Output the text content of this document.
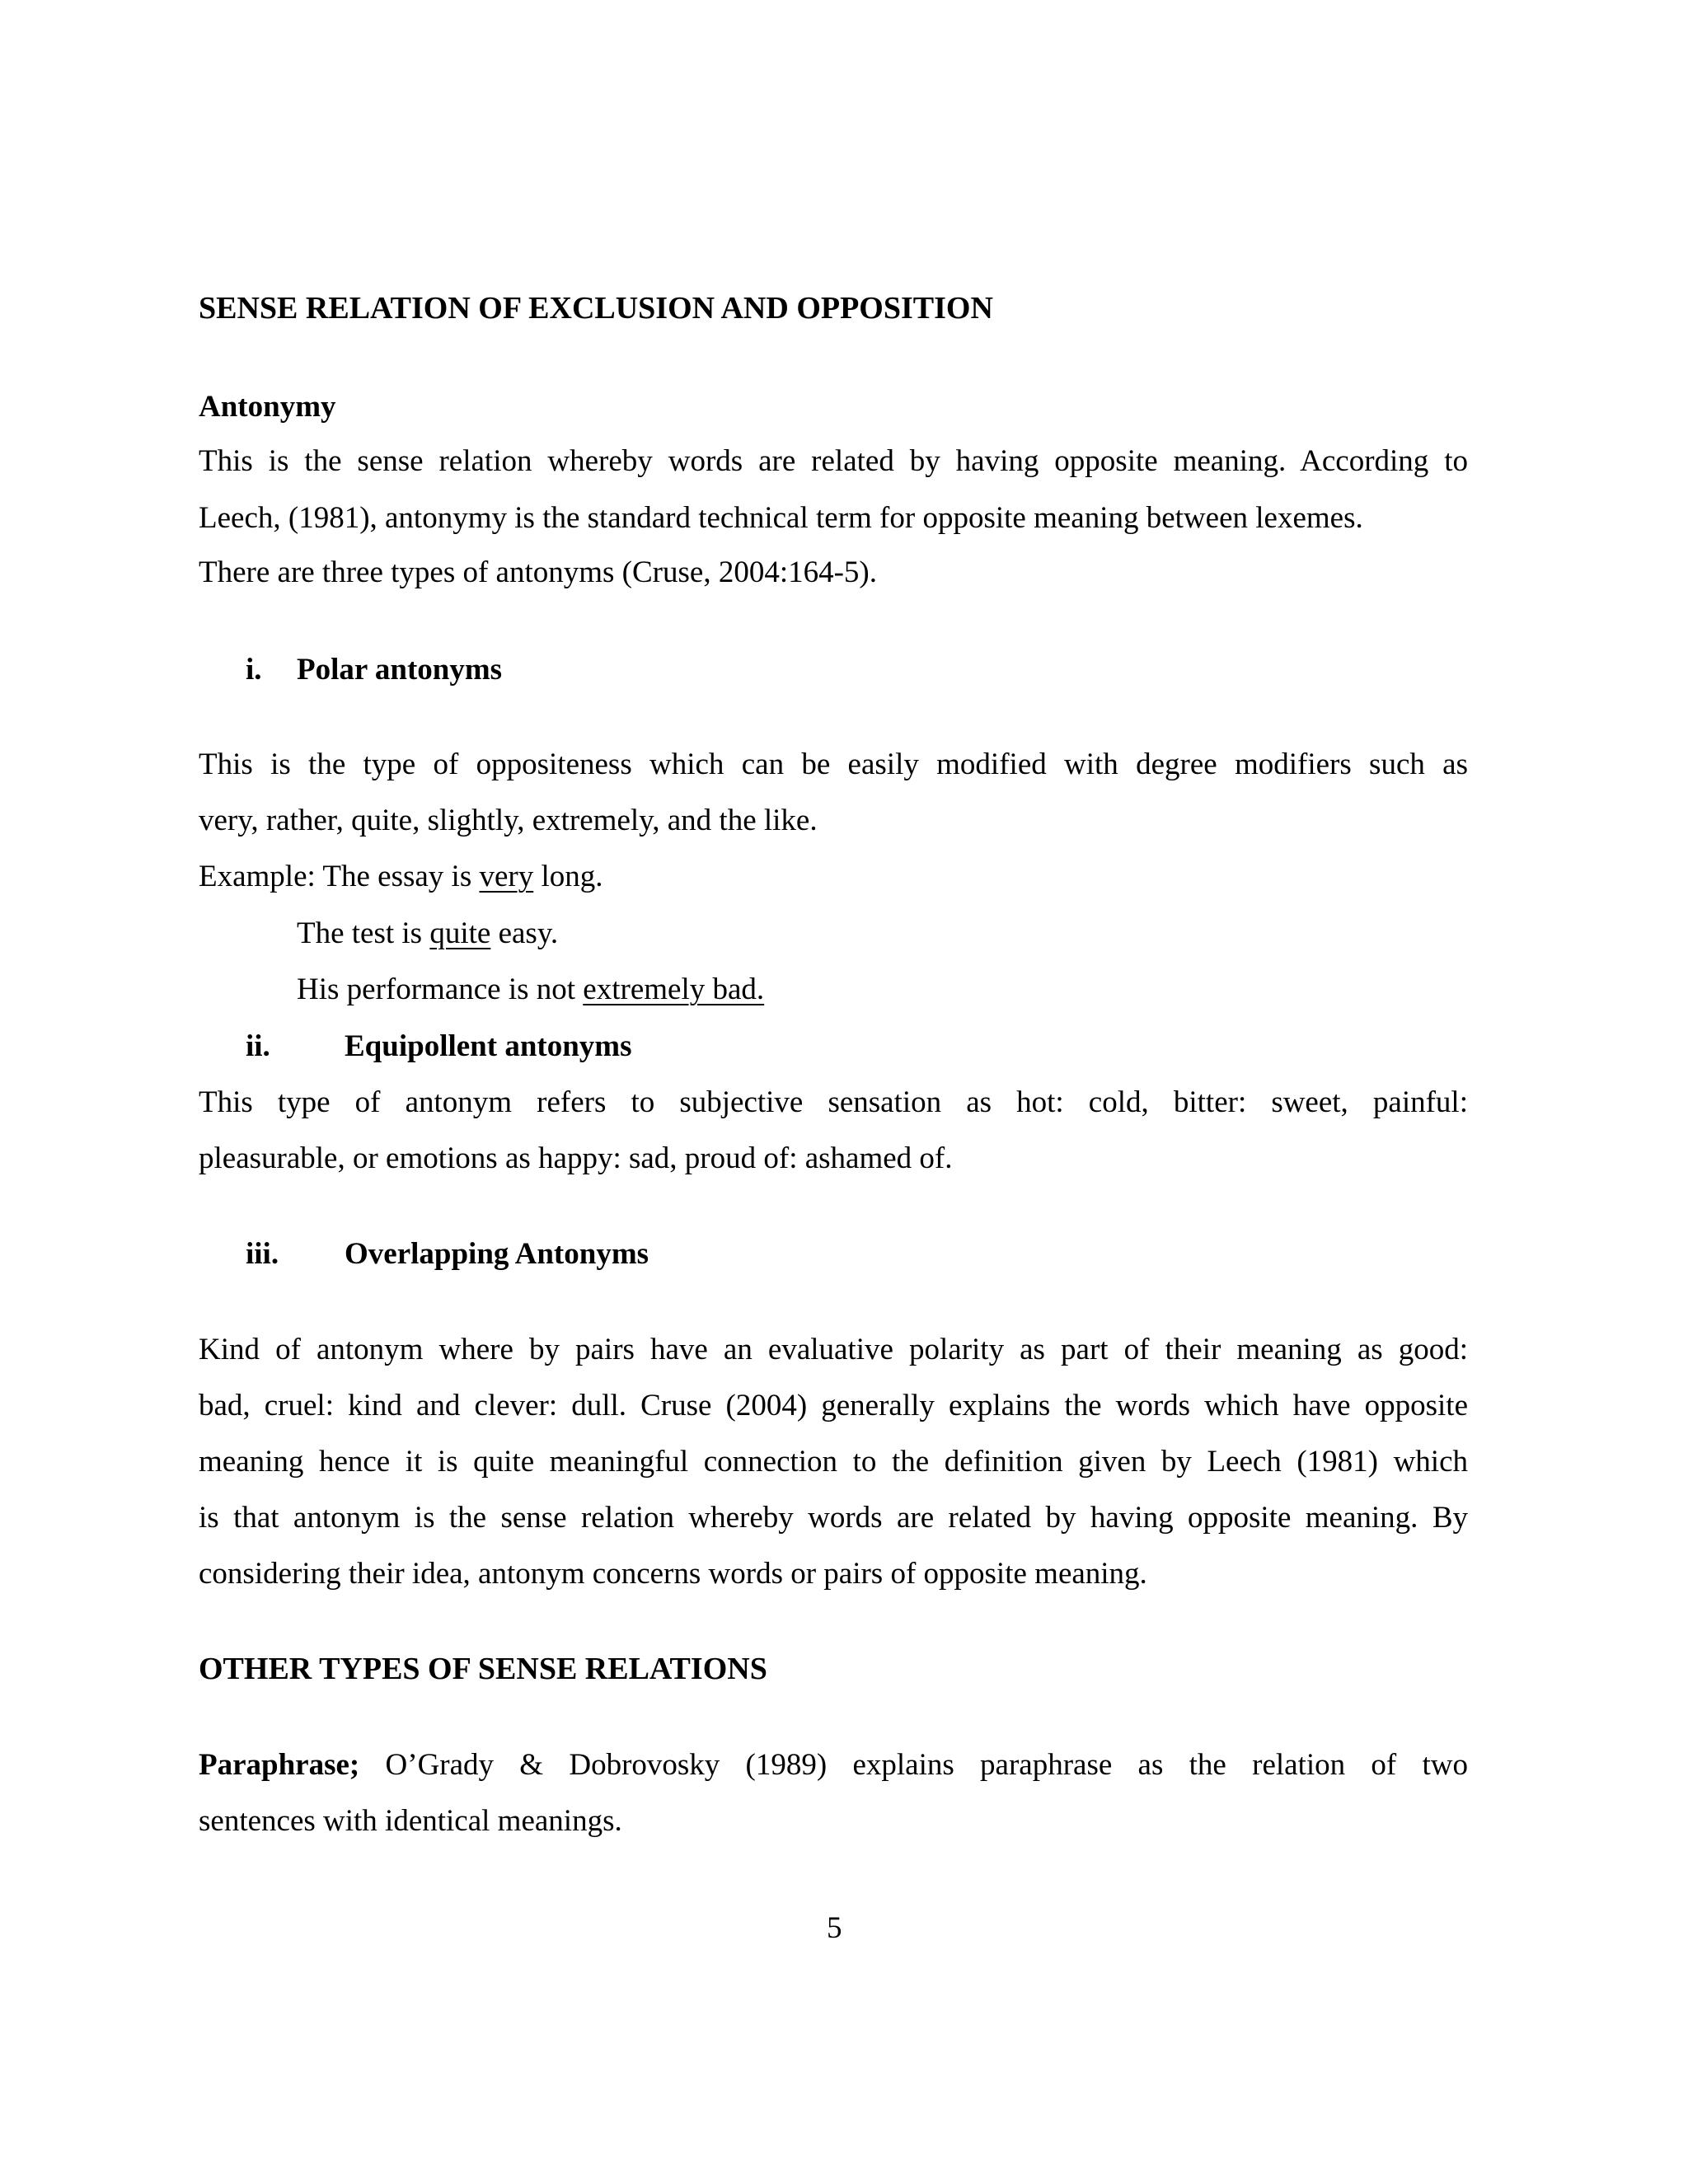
SENSE RELATION OF EXCLUSION AND OPPOSITION
Antonymy
This is the sense relation whereby words are related by having opposite meaning. According to
Leech, (1981), antonymy is the standard technical term for opposite meaning between lexemes.
There are three types of antonyms (Cruse, 2004:164-5).
i. Polar antonyms
This is the type of oppositeness which can be easily modified with degree modifiers such as
very, rather, quite, slightly, extremely, and the like.
Example: The essay is very long.
The test is quite easy.
His performance is not extremely bad.
ii. Equipollent antonyms
This type of antonym refers to subjective sensation as hot: cold, bitter: sweet, painful:
pleasurable, or emotions as happy: sad, proud of: ashamed of.
iii. Overlapping Antonyms
Kind of antonym where by pairs have an evaluative polarity as part of their meaning as good:
bad, cruel: kind and clever: dull. Cruse (2004) generally explains the words which have opposite
meaning hence it is quite meaningful connection to the definition given by Leech (1981) which
is that antonym is the sense relation whereby words are related by having opposite meaning. By
considering their idea, antonym concerns words or pairs of opposite meaning.
OTHER TYPES OF SENSE RELATIONS
Paraphrase; O’Grady & Dobrovosky (1989) explains paraphrase as the relation of two
sentences with identical meanings.
5
